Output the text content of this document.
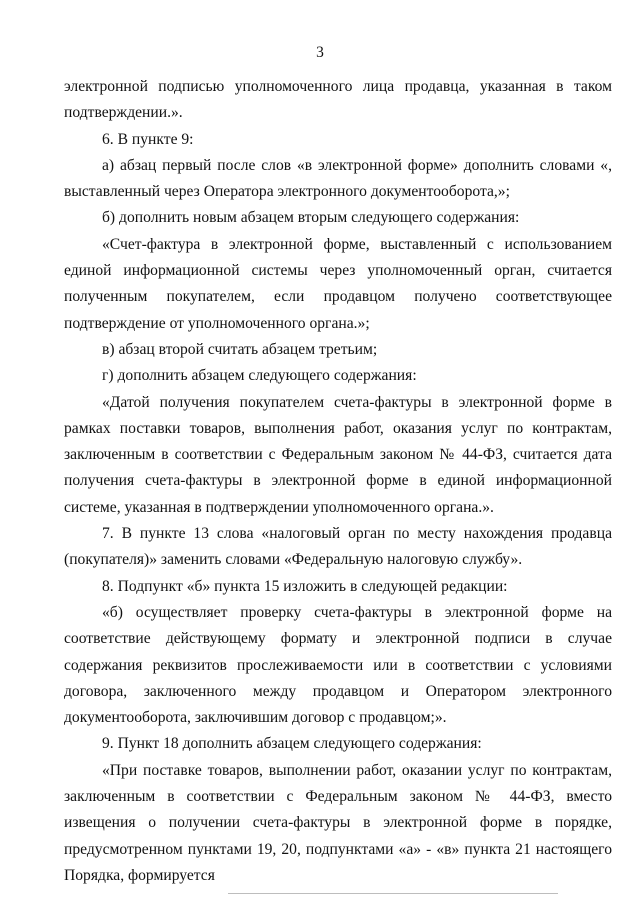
3

электронной подписью уполномоченного лица продавца, указанная в таком подтверждении.».

6. В пункте 9:

а) абзац первый после слов «в электронной форме» дополнить словами «, выставленный через Оператора электронного документооборота,»;

б) дополнить новым абзацем вторым следующего содержания:

«Счет-фактура в электронной форме, выставленный с использованием единой информационной системы через уполномоченный орган, считается полученным покупателем, если продавцом получено соответствующее подтверждение от уполномоченного органа.»;

в) абзац второй считать абзацем третьим;

г) дополнить абзацем следующего содержания:

«Датой получения покупателем счета-фактуры в электронной форме в рамках поставки товаров, выполнения работ, оказания услуг по контрактам, заключенным в соответствии с Федеральным законом № 44-ФЗ, считается дата получения счета-фактуры в электронной форме в единой информационной системе, указанная в подтверждении уполномоченного органа.».

7. В пункте 13 слова «налоговый орган по месту нахождения продавца (покупателя)» заменить словами «Федеральную налоговую службу».

8. Подпункт «б» пункта 15 изложить в следующей редакции:

«б) осуществляет проверку счета-фактуры в электронной форме на соответствие действующему формату и электронной подписи в случае содержания реквизитов прослеживаемости или в соответствии с условиями договора, заключенного между продавцом и Оператором электронного документооборота, заключившим договор с продавцом;».

9. Пункт 18 дополнить абзацем следующего содержания:

«При поставке товаров, выполнении работ, оказании услуг по контрактам, заключенным в соответствии с Федеральным законом № 44-ФЗ, вместо извещения о получении счета-фактуры в электронной форме в порядке, предусмотренном пунктами 19, 20, подпунктами «а» - «в» пункта 21 настоящего Порядка, формируется
